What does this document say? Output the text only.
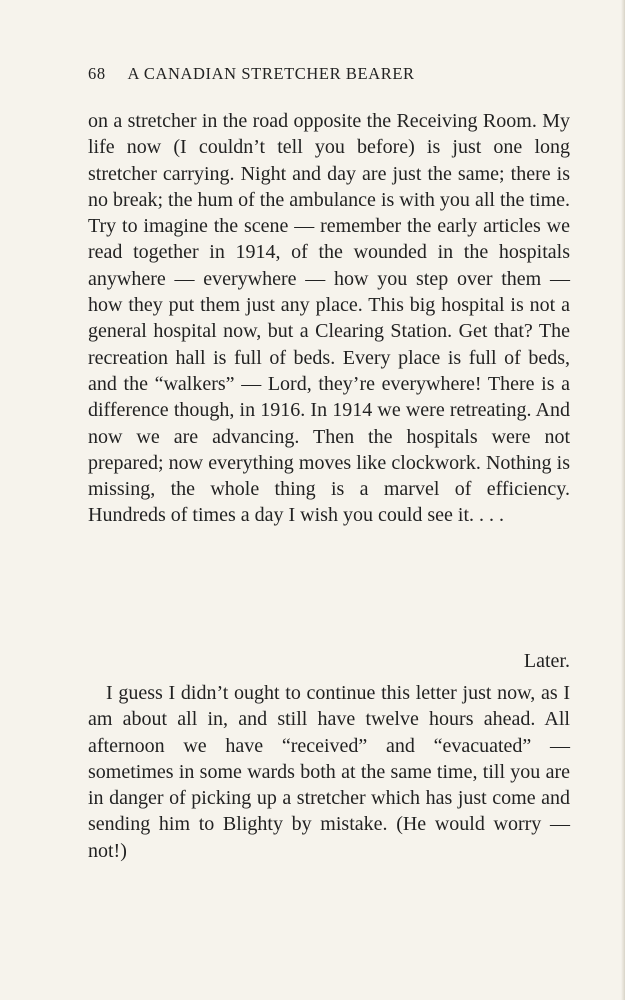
68 A CANADIAN STRETCHER BEARER
on a stretcher in the road opposite the Receiving Room. My life now (I couldn’t tell you before) is just one long stretcher carrying. Night and day are just the same; there is no break; the hum of the ambulance is with you all the time. Try to imagine the scene — remember the early articles we read together in 1914, of the wounded in the hospitals anywhere — everywhere — how you step over them — how they put them just any place. This big hospital is not a general hospital now, but a Clearing Station. Get that? The recreation hall is full of beds. Every place is full of beds, and the “walkers” — Lord, they’re everywhere! There is a difference though, in 1916. In 1914 we were retreating. And now we are advancing. Then the hospitals were not prepared; now everything moves like clockwork. Nothing is missing, the whole thing is a marvel of efficiency. Hundreds of times a day I wish you could see it. . . .
Later.
I guess I didn’t ought to continue this letter just now, as I am about all in, and still have twelve hours ahead. All afternoon we have “received” and “evacuated” — sometimes in some wards both at the same time, till you are in danger of picking up a stretcher which has just come and sending him to Blighty by mistake. (He would worry — not!)
